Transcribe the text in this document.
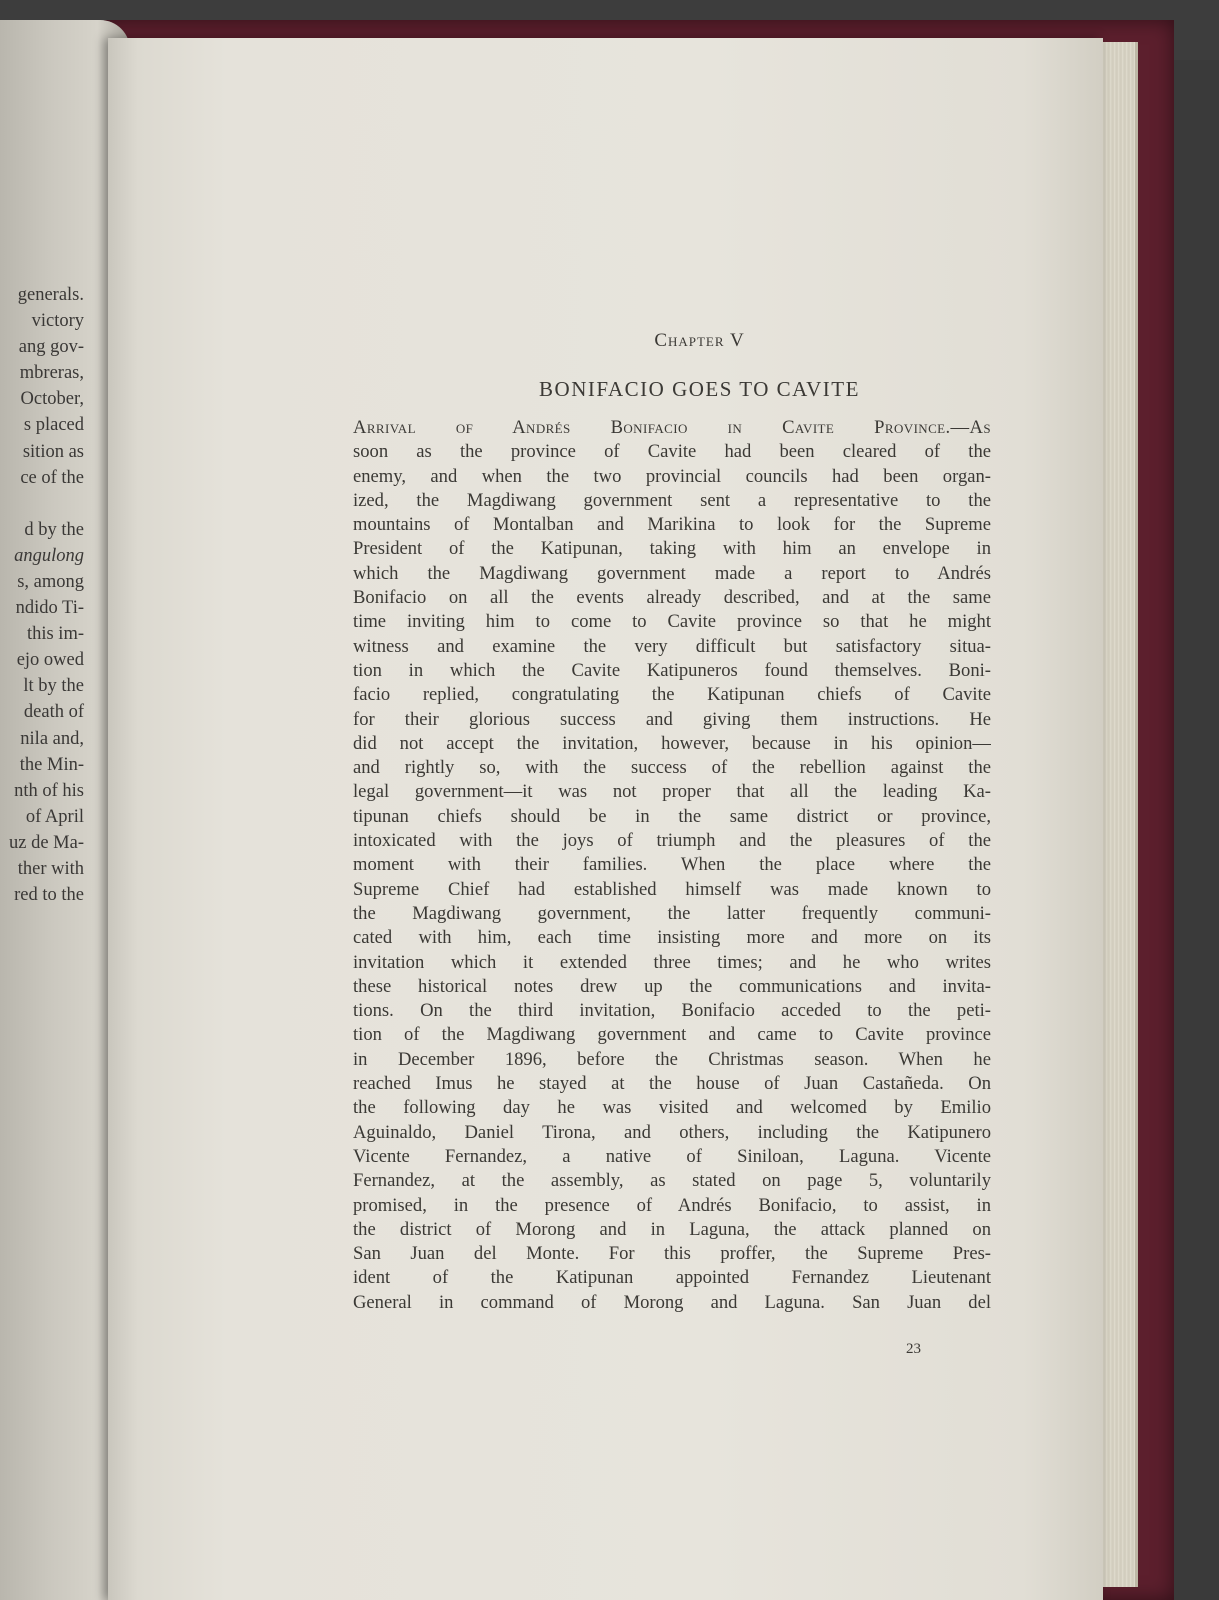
generals.
victory
ang gov-
mbreras,
October,
s placed
sition as
ce of the
d by the
angulong
s, among
ndido Ti-
this im-
ejo owed
lt by the
death of
nila and,
the Min-
nth of his
of April
uz de Ma-
ther with
red to the
Chapter V
BONIFACIO GOES TO CAVITE
Arrival of Andrés Bonifacio in Cavite Province.—As
soon as the province of Cavite had been cleared of the
enemy, and when the two provincial councils had been organ-
ized, the Magdiwang government sent a representative to the
mountains of Montalban and Marikina to look for the Supreme
President of the Katipunan, taking with him an envelope in
which the Magdiwang government made a report to Andrés
Bonifacio on all the events already described, and at the same
time inviting him to come to Cavite province so that he might
witness and examine the very difficult but satisfactory situa-
tion in which the Cavite Katipuneros found themselves. Boni-
facio replied, congratulating the Katipunan chiefs of Cavite
for their glorious success and giving them instructions. He
did not accept the invitation, however, because in his opinion—
and rightly so, with the success of the rebellion against the
legal government—it was not proper that all the leading Ka-
tipunan chiefs should be in the same district or province,
intoxicated with the joys of triumph and the pleasures of the
moment with their families. When the place where the
Supreme Chief had established himself was made known to
the Magdiwang government, the latter frequently communi-
cated with him, each time insisting more and more on its
invitation which it extended three times; and he who writes
these historical notes drew up the communications and invita-
tions. On the third invitation, Bonifacio acceded to the peti-
tion of the Magdiwang government and came to Cavite province
in December 1896, before the Christmas season. When he
reached Imus he stayed at the house of Juan Castañeda. On
the following day he was visited and welcomed by Emilio
Aguinaldo, Daniel Tirona, and others, including the Katipunero
Vicente Fernandez, a native of Siniloan, Laguna. Vicente
Fernandez, at the assembly, as stated on page 5, voluntarily
promised, in the presence of Andrés Bonifacio, to assist, in
the district of Morong and in Laguna, the attack planned on
San Juan del Monte. For this proffer, the Supreme Pres-
ident of the Katipunan appointed Fernandez Lieutenant
General in command of Morong and Laguna. San Juan del
23
